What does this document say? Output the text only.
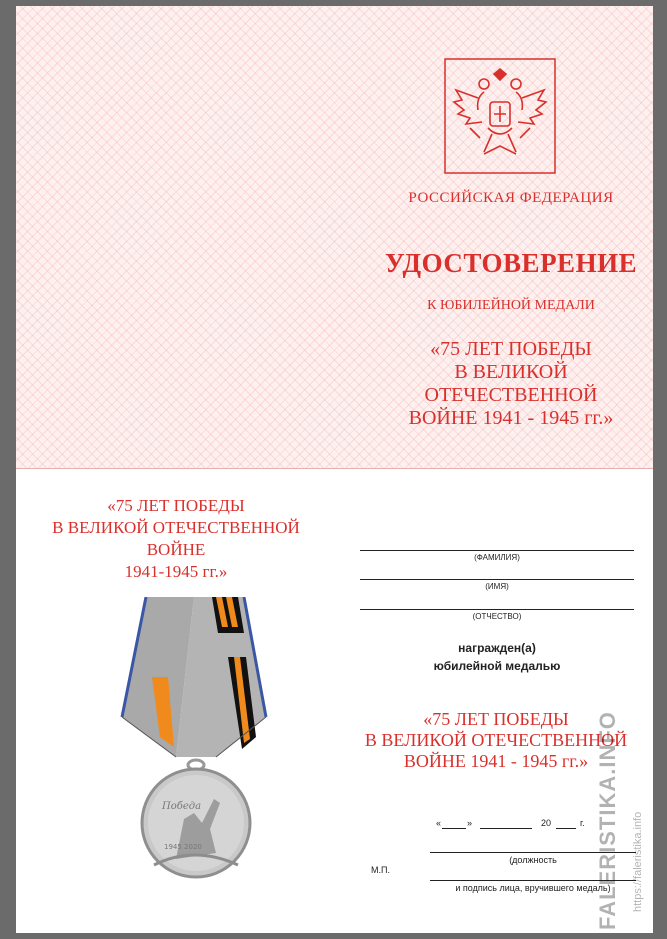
РОССИЙСКАЯ ФЕДЕРАЦИЯ
УДОСТОВЕРЕНИЕ
К ЮБИЛЕЙНОЙ МЕДАЛИ
«75 ЛЕТ ПОБЕДЫ
В ВЕЛИКОЙ
ОТЕЧЕСТВЕННОЙ
ВОЙНЕ 1941 - 1945 гг.»
«75 ЛЕТ ПОБЕДЫ
В ВЕЛИКОЙ ОТЕЧЕСТВЕННОЙ ВОЙНЕ
1941-1945 гг.»
Победа
1945 2020
(ФАМИЛИЯ)
(ИМЯ)
(ОТЧЕСТВО)
награжден(а)
юбилейной медалью
«75 ЛЕТ ПОБЕДЫ
В ВЕЛИКОЙ ОТЕЧЕСТВЕННОЙ
ВОЙНЕ 1941 - 1945 гг.»
«	»	20	г.
(должность
М.П.
и подпись лица, вручившего медаль)
FALERISTIKA.INFO	https://faleristika.info
